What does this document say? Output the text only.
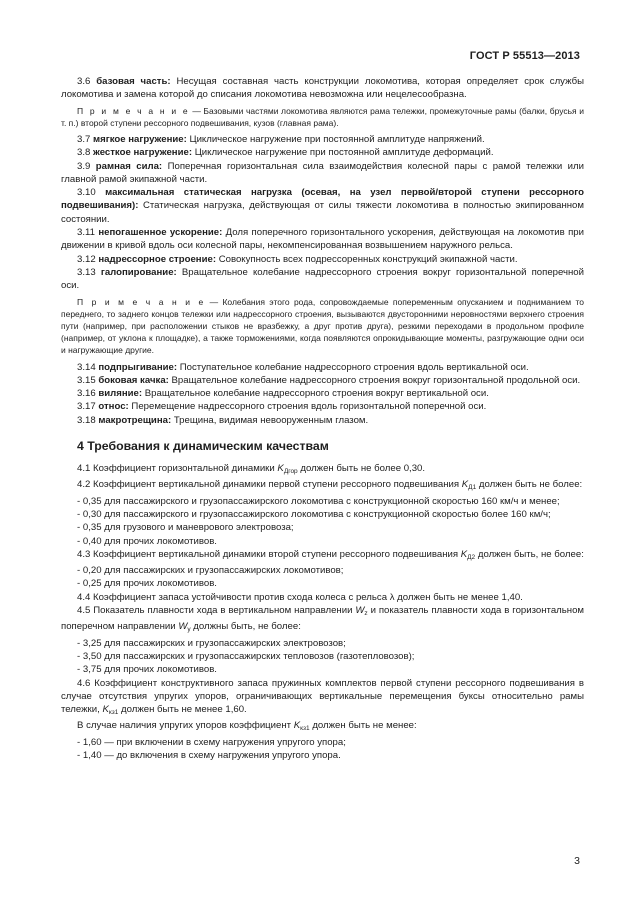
ГОСТ Р 55513—2013

3.6 базовая часть: Несущая составная часть конструкции локомотива, которая определяет срок службы локомотива и замена которой до списания локомотива невозможна или нецелесообразна.

П р и м е ч а н и е — Базовыми частями локомотива являются рама тележки, промежуточные рамы (балки, брусья и т. п.) второй ступени рессорного подвешивания, кузов (главная рама).

3.7 мягкое нагружение: Циклическое нагружение при постоянной амплитуде напряжений.

3.8 жесткое нагружение: Циклическое нагружение при постоянной амплитуде деформаций.

3.9 рамная сила: Поперечная горизонтальная сила взаимодействия колесной пары с рамой тележки или главной рамой экипажной части.

3.10 максимальная статическая нагрузка (осевая, на узел первой/второй ступени рессорного подвешивания): Статическая нагрузка, действующая от силы тяжести локомотива в полностью экипированном состоянии.

3.11 непогашенное ускорение: Доля поперечного горизонтального ускорения, действующая на локомотив при движении в кривой вдоль оси колесной пары, некомпенсированная возвышением наружного рельса.

3.12 надрессорное строение: Совокупность всех подрессоренных конструкций экипажной части.

3.13 галопирование: Вращательное колебание надрессорного строения вокруг горизонтальной поперечной оси.

П р и м е ч а н и е — Колебания этого рода, сопровождаемые попеременным опусканием и подниманием то переднего, то заднего концов тележки или надрессорного строения, вызываются двусторонними неровностями верхнего строения пути (например, при расположении стыков не вразбежку, а друг против друга), резкими переходами в продольном профиле (например, от уклона к площадке), а также торможениями, когда появляются опрокидывающие моменты, разгружающие одни оси и нагружающие другие.

3.14 подпрыгивание: Поступательное колебание надрессорного строения вдоль вертикальной оси.

3.15 боковая качка: Вращательное колебание надрессорного строения вокруг горизонтальной продольной оси.

3.16 виляние: Вращательное колебание надрессорного строения вокруг вертикальной оси.

3.17 относ: Перемещение надрессорного строения вдоль горизонтальной поперечной оси.

3.18 макротрещина: Трещина, видимая невооруженным глазом.

4 Требования к динамическим качествам

4.1 Коэффициент горизонтальной динамики $K_{Дгор}$ должен быть не более 0,30.

4.2 Коэффициент вертикальной динамики первой ступени рессорного подвешивания $K_{Д1}$ должен быть не более:

- 0,35 для пассажирского и грузопассажирского локомотива с конструкционной скоростью 160 км/ч и менее;

- 0,30 для пассажирского и грузопассажирского локомотива с конструкционной скоростью более 160 км/ч;

- 0,35 для грузового и маневрового электровоза;

- 0,40 для прочих локомотивов.

4.3 Коэффициент вертикальной динамики второй ступени рессорного подвешивания $K_{Д2}$ должен быть, не более:

- 0,20 для пассажирских и грузопассажирских локомотивов;

- 0,25 для прочих локомотивов.

4.4 Коэффициент запаса устойчивости против схода колеса с рельса λ должен быть не менее 1,40.

4.5 Показатель плавности хода в вертикальном направлении $W_z$ и показатель плавности хода в горизонтальном поперечном направлении $W_y$ должны быть, не более:

- 3,25 для пассажирских и грузопассажирских электровозов;

- 3,50 для пассажирских и грузопассажирских тепловозов (газотепловозов);

- 3,75 для прочих локомотивов.

4.6 Коэффициент конструктивного запаса пружинных комплектов первой ступени рессорного подвешивания в случае отсутствия упругих упоров, ограничивающих вертикальные перемещения буксы относительно рамы тележки, $K_{кз1}$ должен быть не менее 1,60.

В случае наличия упругих упоров коэффициент $K_{кз1}$ должен быть не менее:

- 1,60 — при включении в схему нагружения упругого упора;

- 1,40 — до включения в схему нагружения упругого упора.

3
